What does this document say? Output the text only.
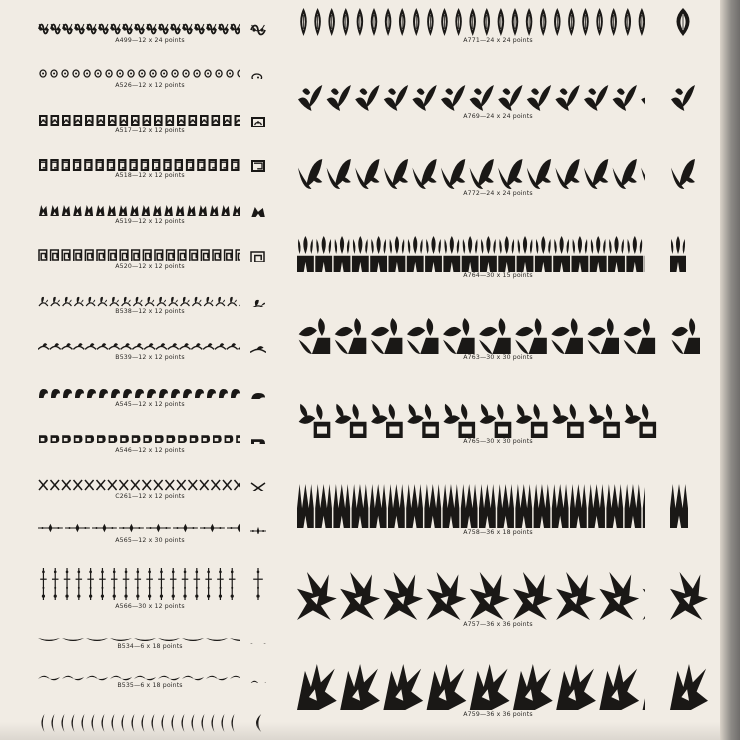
A499—12 x 24 points
A526—12 x 12 points
A517—12 x 12 points
A518—12 x 12 points
A519—12 x 12 points
A520—12 x 12 points
B538—12 x 12 points
B539—12 x 12 points
A545—12 x 12 points
A546—12 x 12 points
C261—12 x 12 points
A565—12 x 30 points
A566—30 x 12 points
B534—6 x 18 points
B535—6 x 18 points
A771—24 x 24 points
A769—24 x 24 points
A772—24 x 24 points
A764—30 x 15 points
A763—30 x 30 points
A765—30 x 30 points
A758—36 x 18 points
A757—36 x 36 points
A759—36 x 36 points
